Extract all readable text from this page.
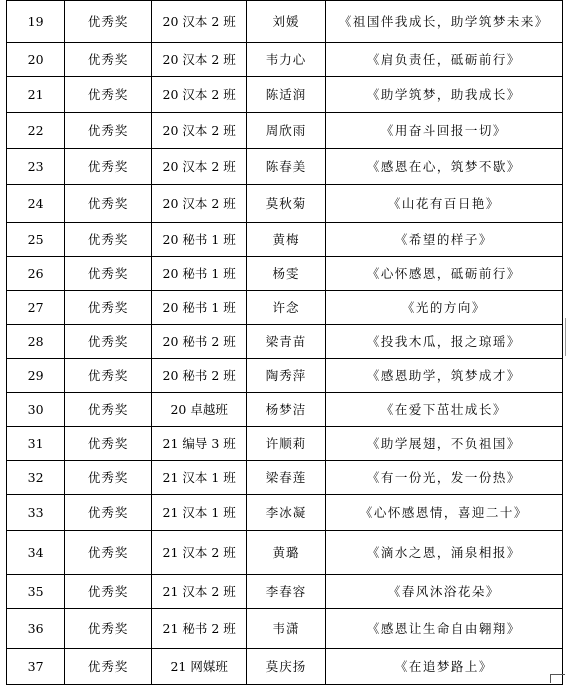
19	优秀奖	20 汉本 2 班	刘媛	《祖国伴我成长，助学筑梦未来》
20	优秀奖	20 汉本 2 班	韦力心	《肩负责任，砥砺前行》
21	优秀奖	20 汉本 2 班	陈适润	《助学筑梦，助我成长》
22	优秀奖	20 汉本 2 班	周欣雨	《用奋斗回报一切》
23	优秀奖	20 汉本 2 班	陈春美	《感恩在心，筑梦不歇》
24	优秀奖	20 汉本 2 班	莫秋菊	《山花有百日艳》
25	优秀奖	20 秘书 1 班	黄梅	《希望的样子》
26	优秀奖	20 秘书 1 班	杨雯	《心怀感恩，砥砺前行》
27	优秀奖	20 秘书 1 班	许念	《光的方向》
28	优秀奖	20 秘书 2 班	梁青苗	《投我木瓜，报之琼瑶》
29	优秀奖	20 秘书 2 班	陶秀萍	《感恩助学，筑梦成才》
30	优秀奖	20 卓越班	杨梦洁	《在爱下茁壮成长》
31	优秀奖	21 编导 3 班	许顺莉	《助学展翅，不负祖国》
32	优秀奖	21 汉本 1 班	梁春莲	《有一份光，发一份热》
33	优秀奖	21 汉本 1 班	李冰凝	《心怀感恩情，喜迎二十》
34	优秀奖	21 汉本 2 班	黄璐	《滴水之恩，涌泉相报》
35	优秀奖	21 汉本 2 班	李春容	《春风沐浴花朵》
36	优秀奖	21 秘书 2 班	韦潇	《感恩让生命自由翱翔》
37	优秀奖	21 网媒班	莫庆扬	《在追梦路上》
